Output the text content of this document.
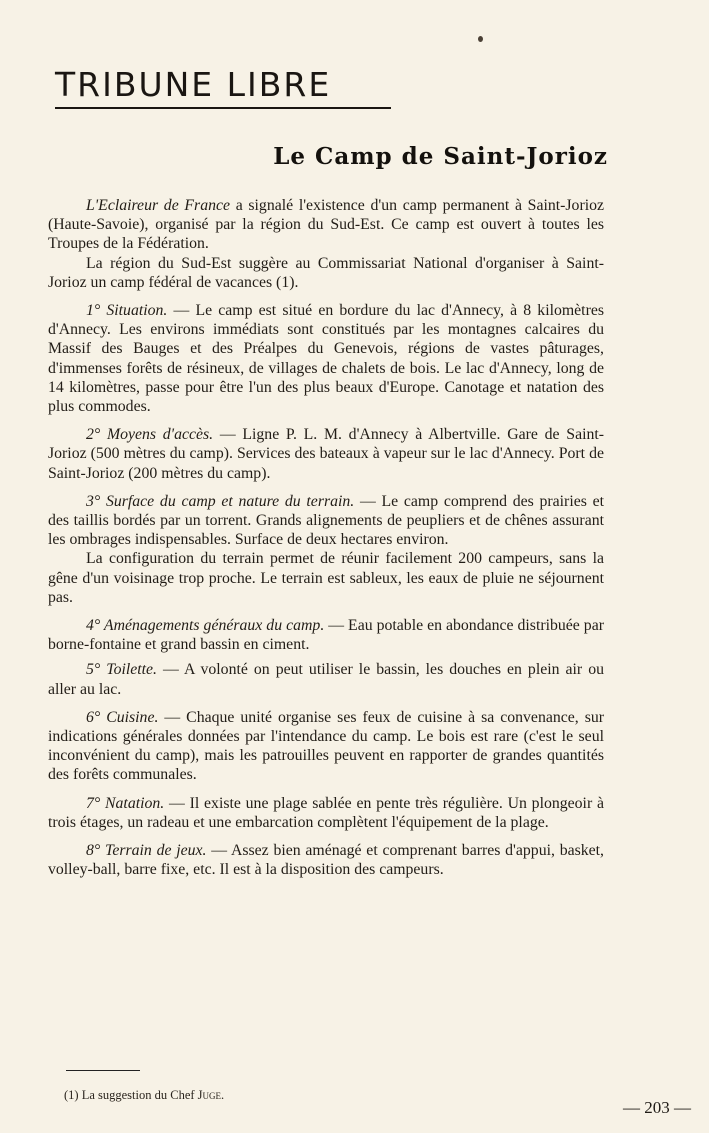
TRIBUNE LIBRE
Le Camp de Saint-Jorioz

L'Eclaireur de France a signalé l'existence d'un camp permanent à Saint-Jorioz (Haute-Savoie), organisé par la région du Sud-Est. Ce camp est ouvert à toutes les Troupes de la Fédération.

La région du Sud-Est suggère au Commissariat National d'organiser à Saint-Jorioz un camp fédéral de vacances (1).

1° Situation. — Le camp est situé en bordure du lac d'Annecy, à 8 kilomètres d'Annecy. Les environs immédiats sont constitués par les montagnes calcaires du Massif des Bauges et des Préalpes du Genevois, régions de vastes pâturages, d'immenses forêts de résineux, de villages de chalets de bois. Le lac d'Annecy, long de 14 kilomètres, passe pour être l'un des plus beaux d'Europe. Canotage et natation des plus commodes.

2° Moyens d'accès. — Ligne P. L. M. d'Annecy à Albertville. Gare de Saint-Jorioz (500 mètres du camp). Services des bateaux à vapeur sur le lac d'Annecy. Port de Saint-Jorioz (200 mètres du camp).

3° Surface du camp et nature du terrain. — Le camp comprend des prairies et des taillis bordés par un torrent. Grands alignements de peupliers et de chênes assurant les ombrages indispensables. Surface de deux hectares environ.

La configuration du terrain permet de réunir facilement 200 campeurs, sans la gêne d'un voisinage trop proche. Le terrain est sableux, les eaux de pluie ne séjournent pas.

4° Aménagements généraux du camp. — Eau potable en abondance distribuée par borne-fontaine et grand bassin en ciment.

5° Toilette. — A volonté on peut utiliser le bassin, les douches en plein air ou aller au lac.

6° Cuisine. — Chaque unité organise ses feux de cuisine à sa convenance, sur indications générales données par l'intendance du camp. Le bois est rare (c'est le seul inconvénient du camp), mais les patrouilles peuvent en rapporter de grandes quantités des forêts communales.

7° Natation. — Il existe une plage sablée en pente très régulière. Un plongeoir à trois étages, un radeau et une embarcation complètent l'équipement de la plage.

8° Terrain de jeux. — Assez bien aménagé et comprenant barres d'appui, basket, volley-ball, barre fixe, etc. Il est à la disposition des campeurs.

(1) La suggestion du Chef Juge.
— 203 —
